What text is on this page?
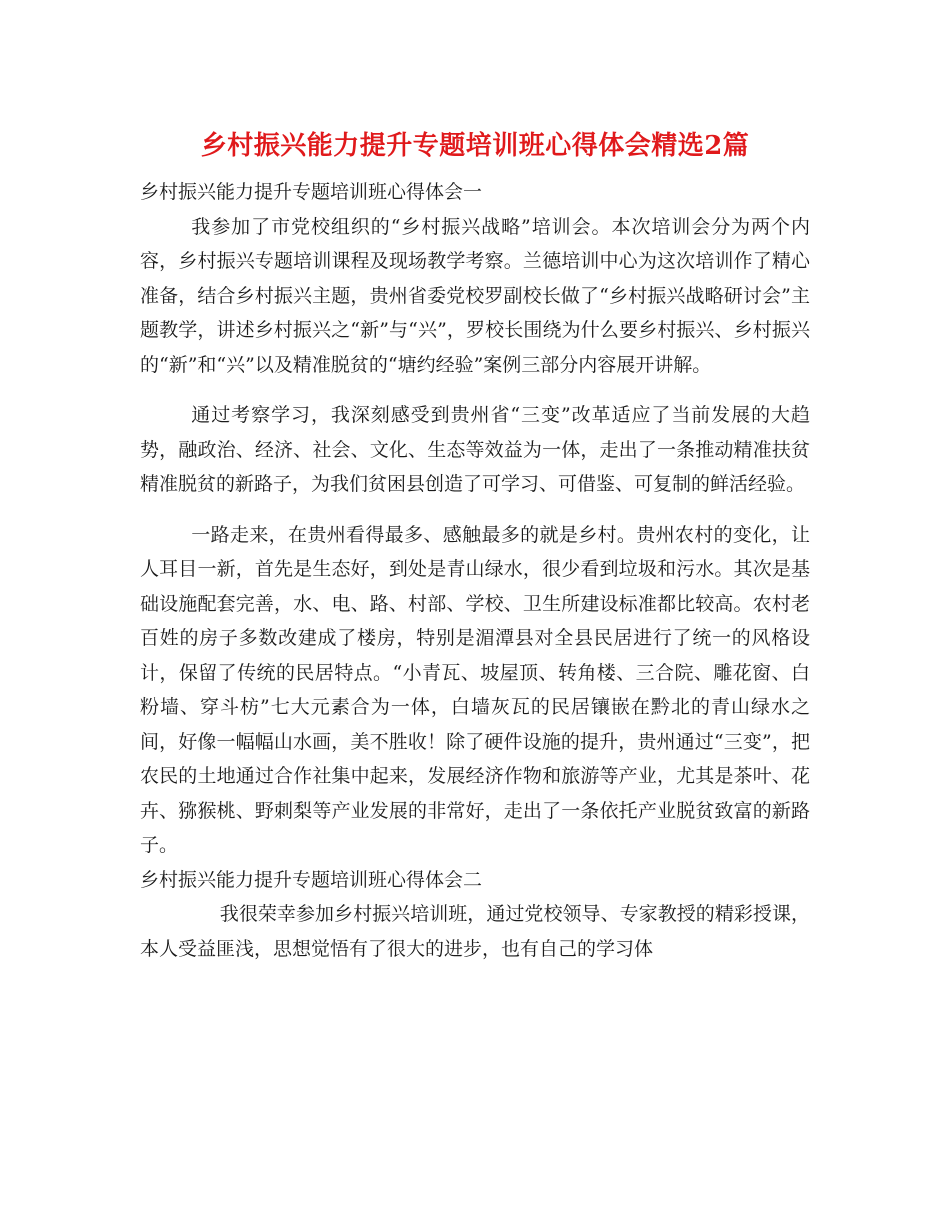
乡村振兴能力提升专题培训班心得体会精选2篇

乡村振兴能力提升专题培训班心得体会一

我参加了市党校组织的“乡村振兴战略”培训会。本次培训会分为两个内容，乡村振兴专题培训课程及现场教学考察。兰德培训中心为这次培训作了精心准备，结合乡村振兴主题，贵州省委党校罗副校长做了“乡村振兴战略研讨会”主题教学，讲述乡村振兴之“新”与“兴”，罗校长围绕为什么要乡村振兴、乡村振兴的“新”和“兴”以及精准脱贫的“塘约经验”案例三部分内容展开讲解。

通过考察学习，我深刻感受到贵州省“三变”改革适应了当前发展的大趋势，融政治、经济、社会、文化、生态等效益为一体，走出了一条推动精准扶贫精准脱贫的新路子，为我们贫困县创造了可学习、可借鉴、可复制的鲜活经验。

一路走来，在贵州看得最多、感触最多的就是乡村。贵州农村的变化，让人耳目一新，首先是生态好，到处是青山绿水，很少看到垃圾和污水。其次是基础设施配套完善，水、电、路、村部、学校、卫生所建设标准都比较高。农村老百姓的房子多数改建成了楼房，特别是湄潭县对全县民居进行了统一的风格设计，保留了传统的民居特点。“小青瓦、坡屋顶、转角楼、三合院、雕花窗、白粉墙、穿斗枋”七大元素合为一体，白墙灰瓦的民居镶嵌在黔北的青山绿水之间，好像一幅幅山水画，美不胜收！除了硬件设施的提升，贵州通过“三变”，把农民的土地通过合作社集中起来，发展经济作物和旅游等产业，尤其是茶叶、花卉、猕猴桃、野刺梨等产业发展的非常好，走出了一条依托产业脱贫致富的新路子。

乡村振兴能力提升专题培训班心得体会二

我很荣幸参加乡村振兴培训班，通过党校领导、专家教授的精彩授课，本人受益匪浅，思想觉悟有了很大的进步，也有自己的学习体
